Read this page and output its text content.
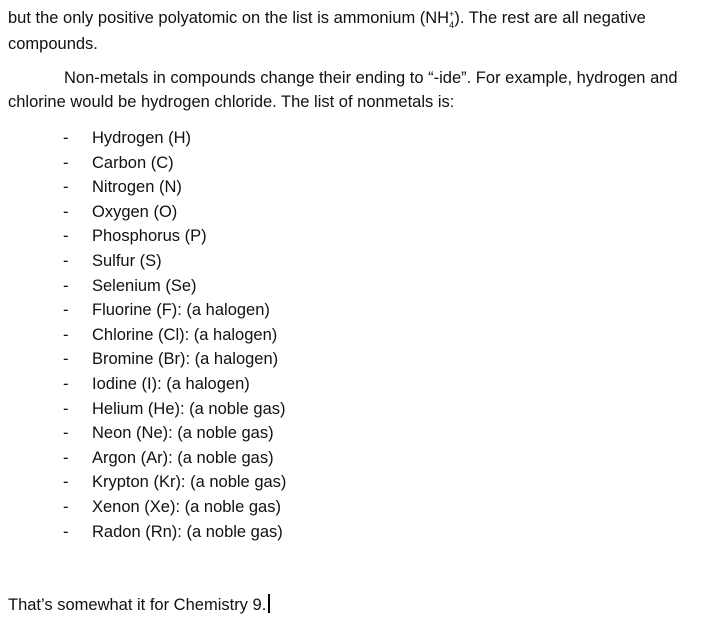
but the only positive polyatomic on the list is ammonium $(NH_4^+)$. The rest are all negative compounds.

Non-metals in compounds change their ending to “-ide”. For example, hydrogen and chlorine would be hydrogen chloride. The list of nonmetals is:

- Hydrogen (H)
- Carbon (C)
- Nitrogen (N)
- Oxygen (O)
- Phosphorus (P)
- Sulfur (S)
- Selenium (Se)
- Fluorine (F): (a halogen)
- Chlorine (Cl): (a halogen)
- Bromine (Br): (a halogen)
- Iodine (I): (a halogen)
- Helium (He): (a noble gas)
- Neon (Ne): (a noble gas)
- Argon (Ar): (a noble gas)
- Krypton (Kr): (a noble gas)
- Xenon (Xe): (a noble gas)
- Radon (Rn): (a noble gas)
That’s somewhat it for Chemistry 9.
